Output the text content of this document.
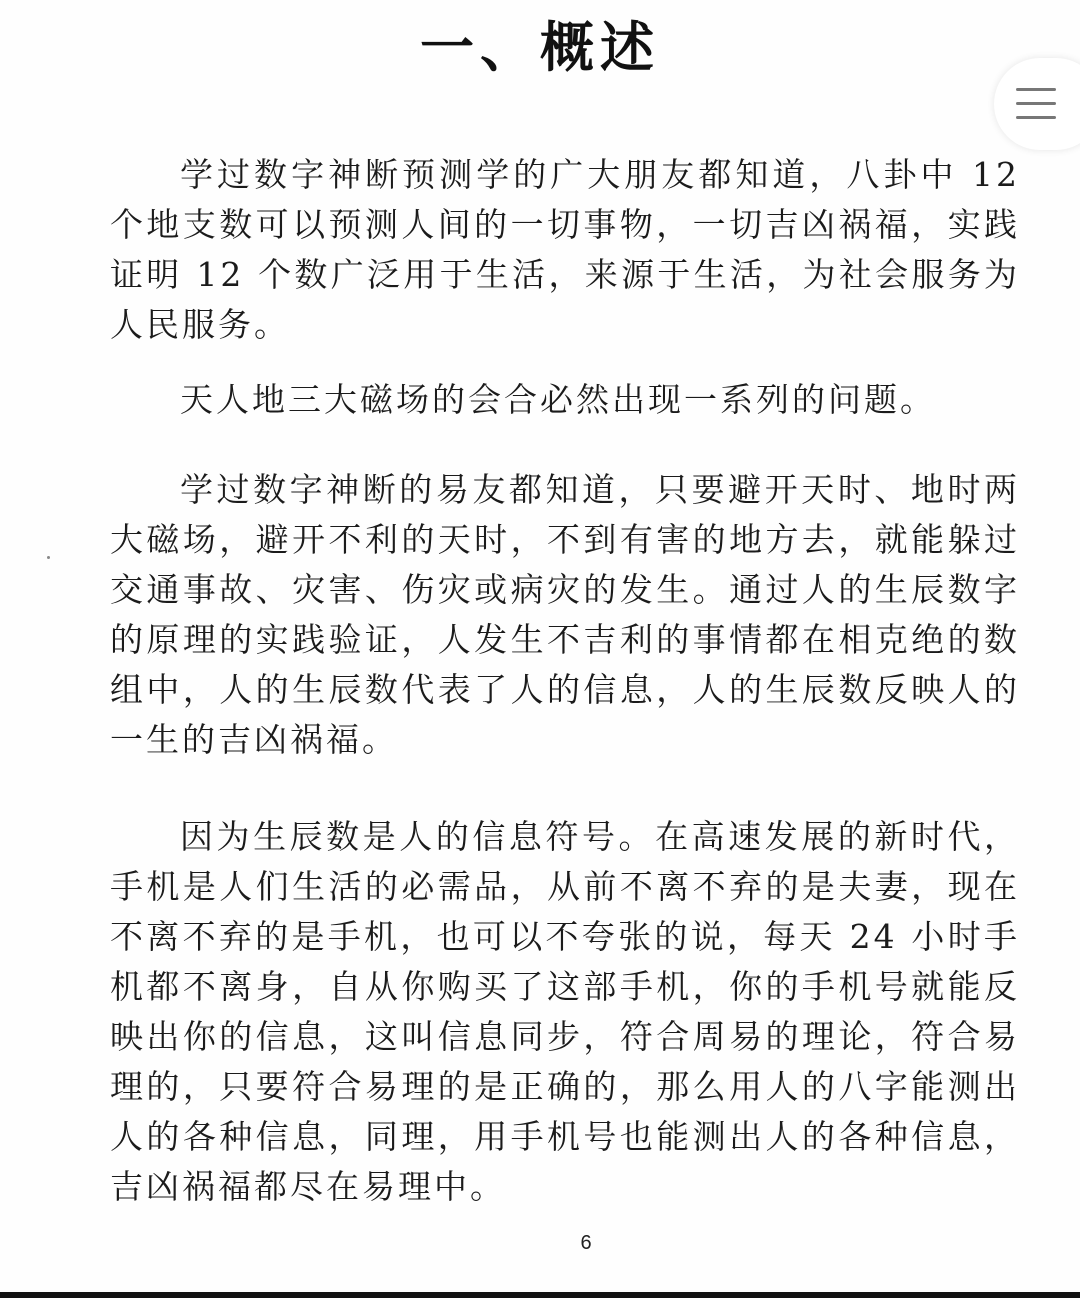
一、概述

学过数字神断预测学的广大朋友都知道，八卦中 12 个地支数可以预测人间的一切事物，一切吉凶祸福，实践证明 12 个数广泛用于生活，来源于生活，为社会服务为人民服务。

天人地三大磁场的会合必然出现一系列的问题。

学过数字神断的易友都知道，只要避开天时、地时两大磁场，避开不利的天时，不到有害的地方去，就能躲过交通事故、灾害、伤灾或病灾的发生。通过人的生辰数字的原理的实践验证，人发生不吉利的事情都在相克绝的数组中，人的生辰数代表了人的信息，人的生辰数反映人的一生的吉凶祸福。

因为生辰数是人的信息符号。在高速发展的新时代，手机是人们生活的必需品，从前不离不弃的是夫妻，现在不离不弃的是手机，也可以不夸张的说，每天 24 小时手机都不离身，自从你购买了这部手机，你的手机号就能反映出你的信息，这叫信息同步，符合周易的理论，符合易理的，只要符合易理的是正确的，那么用人的八字能测出人的各种信息，同理，用手机号也能测出人的各种信息，吉凶祸福都尽在易理中。

6
